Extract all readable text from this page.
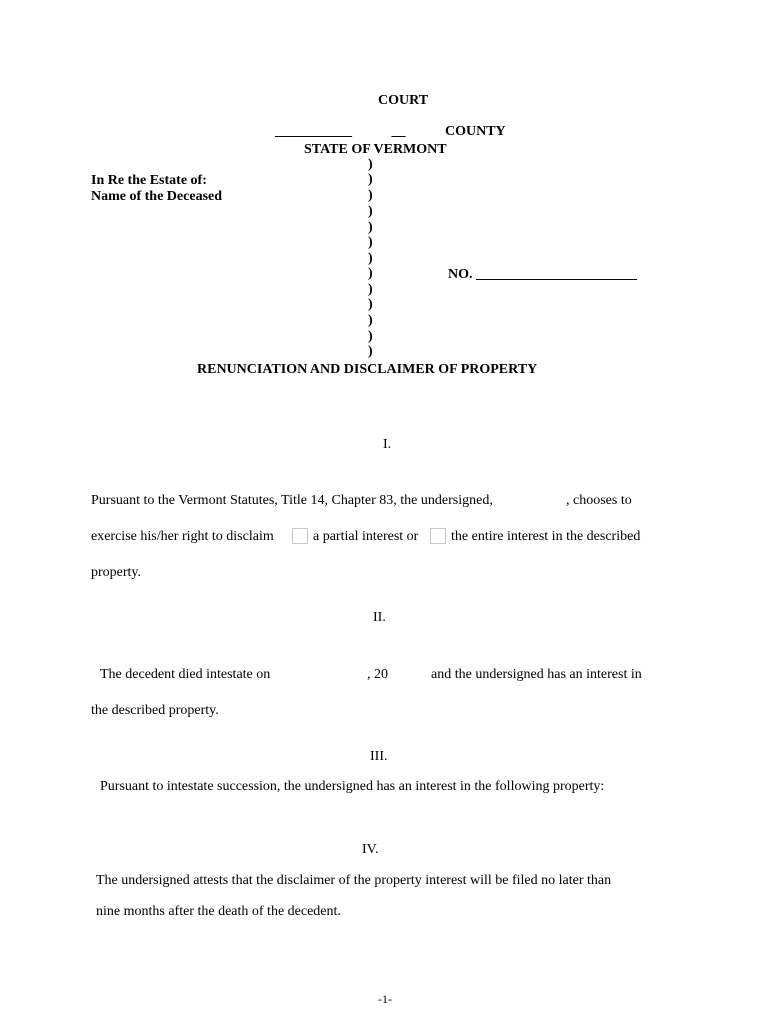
COURT
___________ __ COUNTY
STATE OF VERMONT
In Re the Estate of:
Name of the Deceased
)
)
)
)
)
)
)
)
)
)
)
)
)
NO. _______________________
RENUNCIATION AND DISCLAIMER OF PROPERTY
I.
Pursuant to the Vermont Statutes, Title 14, Chapter 83, the undersigned,	, chooses to
exercise his/her right to disclaim	a partial interest or the entire interest in the described
property.
II.
The decedent died intestate on	, 20	and the undersigned has an interest in
the described property.
III.
Pursuant to intestate succession, the undersigned has an interest in the following property:
IV.
The undersigned attests that the disclaimer of the property interest will be filed no later than
nine months after the death of the decedent.
-1-
